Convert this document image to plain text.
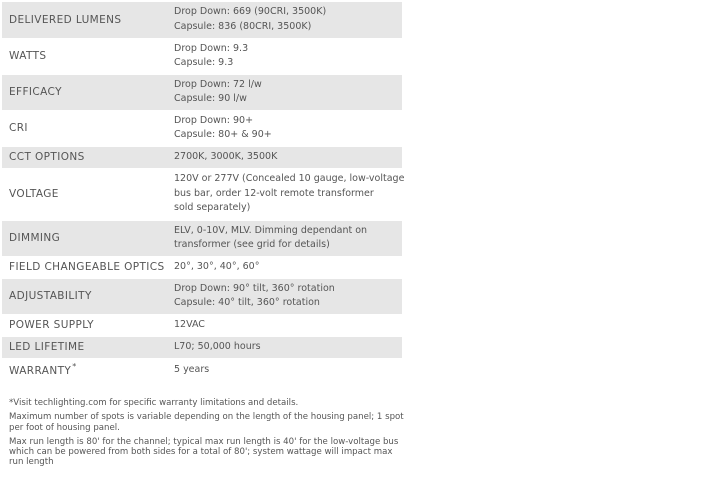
DELIVERED LUMENS	Drop Down: 669 (90CRI, 3500K)
Capsule: 836 (80CRI, 3500K)

WATTS	Drop Down: 9.3
Capsule: 9.3

EFFICACY	Drop Down: 72 l/w
Capsule: 90 l/w

CRI	Drop Down: 90+
Capsule: 80+ & 90+

CCT OPTIONS	2700K, 3000K, 3500K

VOLTAGE	120V or 277V (Concealed 10 gauge, low-voltage
bus bar, order 12-volt remote transformer
sold separately)

DIMMING	ELV, 0-10V, MLV. Dimming dependant on
transformer (see grid for details)

FIELD CHANGEABLE OPTICS	20°, 30°, 40°, 60°

ADJUSTABILITY	Drop Down: 90° tilt, 360° rotation
Capsule: 40° tilt, 360° rotation

POWER SUPPLY	12VAC

LED LIFETIME	L70; 50,000 hours

WARRANTY*	5 years

*Visit techlighting.com for specific warranty limitations and details.

Maximum number of spots is variable depending on the length of the housing panel; 1 spot per foot of housing panel.

Max run length is 80' for the channel; typical max run length is 40' for the low-voltage bus which can be powered from both sides for a total of 80'; system wattage will impact max run length
